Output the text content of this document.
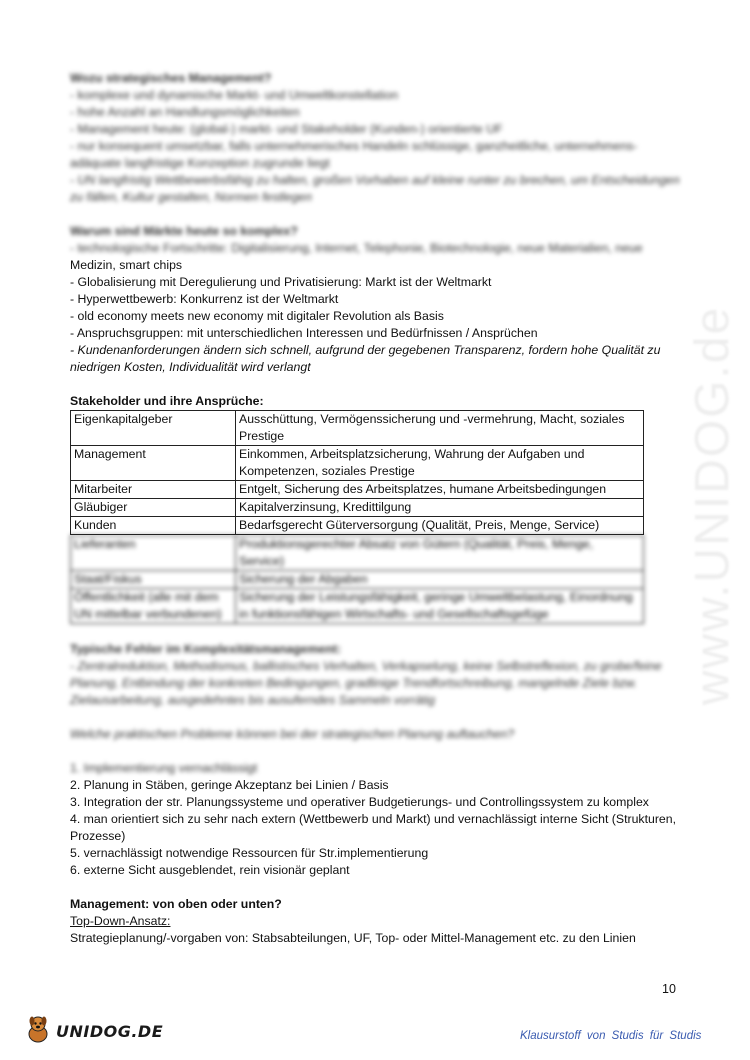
Wozu strategisches Management?
- komplexe und dynamische Markt- und Umweltkonstellation
- hohe Anzahl an Handlungsmöglichkeiten
- Management heute: (global-) markt- und Stakeholder (Kunden-) orientierte UF
- nur konsequent umsetzbar, falls unternehmerisches Handeln schlüssige, ganzheitliche, unternehmens-adäquate langfristige Konzeption zugrunde liegt
- UN langfristig Wettbewerbsfähig zu halten, großen Vorhaben auf kleine runter zu brechen, um Entscheidungen zu fällen, Kultur gestalten, Normen festlegen
Warum sind Märkte heute so komplex?
- technologische Fortschritte: Digitalisierung, Internet, Telephonie, Biotechnologie, neue Materialien, neue
Medizin, smart chips
- Globalisierung mit Deregulierung und Privatisierung: Markt ist der Weltmarkt
- Hyperwettbewerb: Konkurrenz ist der Weltmarkt
- old economy meets new economy mit digitaler Revolution als Basis
- Anspruchsgruppen: mit unterschiedlichen Interessen und Bedürfnissen / Ansprüchen
- Kundenanforderungen ändern sich schnell, aufgrund der gegebenen Transparenz, fordern hohe Qualität zu niedrigen Kosten, Individualität wird verlangt
Stakeholder und ihre Ansprüche:
Eigenkapitalgeber	Ausschüttung, Vermögenssicherung und -vermehrung, Macht, soziales Prestige
Management	Einkommen, Arbeitsplatzsicherung, Wahrung der Aufgaben und Kompetenzen, soziales Prestige
Mitarbeiter	Entgelt, Sicherung des Arbeitsplatzes, humane Arbeitsbedingungen
Gläubiger	Kapitalverzinsung, Kredittilgung
Kunden	Bedarfsgerecht Güterversorgung (Qualität, Preis, Menge, Service)
Lieferanten	Produktionsgerechter Absatz von Gütern (Qualität, Preis, Menge, Service)
Staat/Fiskus	Sicherung der Abgaben
Öffentlichkeit (alle mit dem UN mittelbar verbundenen)	Sicherung der Leistungsfähigkeit, geringe Umweltbelastung, Einordnung in funktionsfähigen Wirtschafts- und Gesellschaftsgefüge
Typische Fehler im Komplexitätsmanagement:
- Zentralreduktion, Methodismus, ballistisches Verhalten, Verkapselung, keine Selbstreflexion, zu grobe/feine Planung, Entbindung der konkreten Bedingungen, gradlinige Trendfortschreibung, mangelnde Ziele bzw. Zielausarbeitung, ausgedehntes bis ausuferndes Sammeln vorrätig
Welche praktischen Probleme können bei der strategischen Planung auftauchen?
1. Implementierung vernachlässigt
2. Planung in Stäben, geringe Akzeptanz bei Linien / Basis
3. Integration der str. Planungssysteme und operativer Budgetierungs- und Controllingssystem zu komplex
4. man orientiert sich zu sehr nach extern (Wettbewerb und Markt) und vernachlässigt interne Sicht (Strukturen, Prozesse)
5. vernachlässigt notwendige Ressourcen für Str.implementierung
6. externe Sicht ausgeblendet, rein visionär geplant
Management: von oben oder unten?
Top-Down-Ansatz:
Strategieplanung/-vorgaben von: Stabsabteilungen, UF, Top- oder Mittel-Management etc. zu den Linien
www.UNIDOG.de
10
UNIDOG.DE	Klausurstoff von Studis für Studis
